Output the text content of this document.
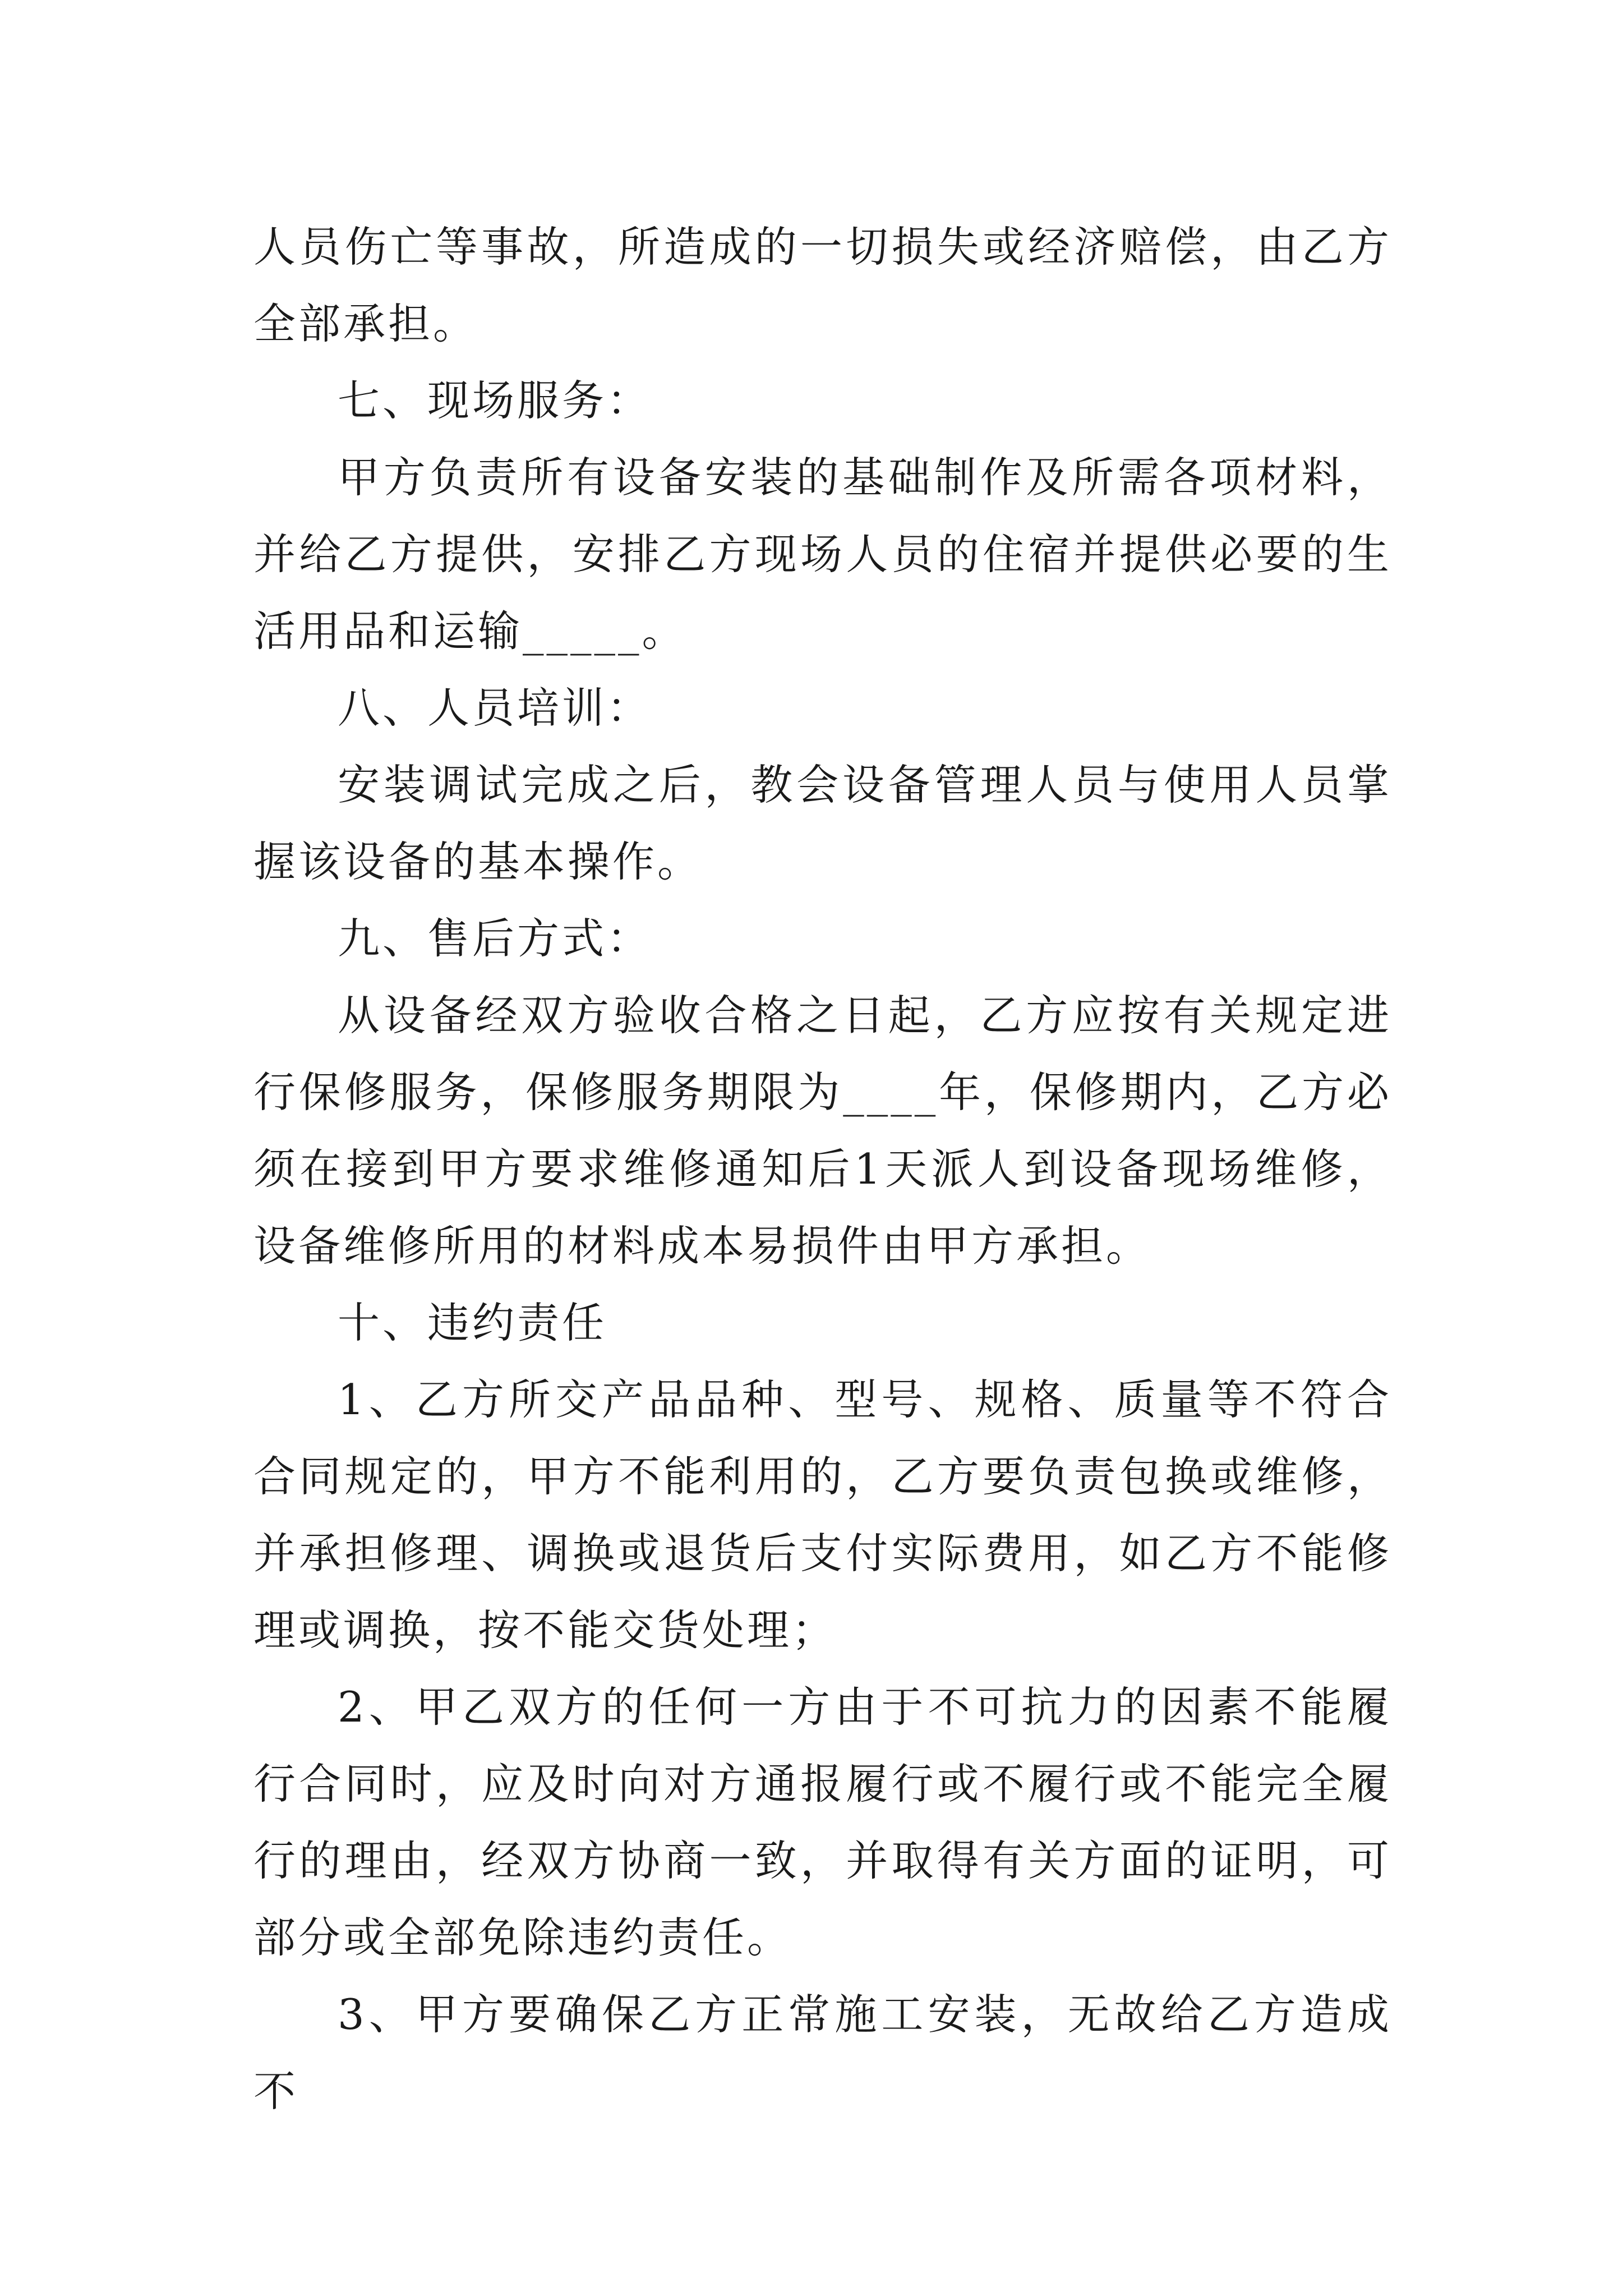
人员伤亡等事故，所造成的一切损失或经济赔偿，由乙方全部承担。

七、现场服务：

甲方负责所有设备安装的基础制作及所需各项材料，并给乙方提供，安排乙方现场人员的住宿并提供必要的生活用品和运输_____。

八、人员培训：

安装调试完成之后，教会设备管理人员与使用人员掌握该设备的基本操作。

九、售后方式：

从设备经双方验收合格之日起，乙方应按有关规定进行保修服务，保修服务期限为____年，保修期内，乙方必须在接到甲方要求维修通知后1天派人到设备现场维修，设备维修所用的材料成本易损件由甲方承担。

十、违约责任

1、乙方所交产品品种、型号、规格、质量等不符合合同规定的，甲方不能利用的，乙方要负责包换或维修，并承担修理、调换或退货后支付实际费用，如乙方不能修理或调换，按不能交货处理；

2、甲乙双方的任何一方由于不可抗力的因素不能履行合同时，应及时向对方通报履行或不履行或不能完全履行的理由，经双方协商一致，并取得有关方面的证明，可部分或全部免除违约责任。

3、甲方要确保乙方正常施工安装，无故给乙方造成不
